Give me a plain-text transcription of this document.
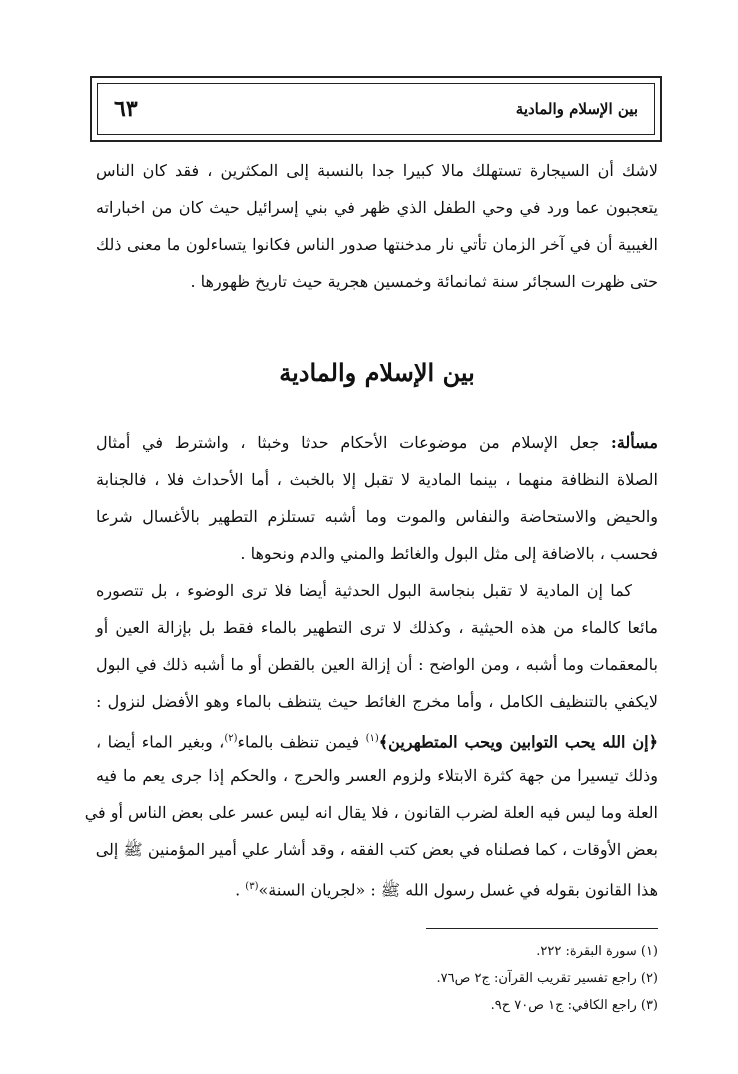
بين الإسلام والمادية
٦٣
لاشك أن السيجارة تستهلك مالا كبيرا جدا بالنسبة إلى المكثرين ، فقد كان الناس
يتعجبون عما ورد في وحي الطفل الذي ظهر في بني إسرائيل حيث كان من اخباراته
الغيبية أن في آخر الزمان تأتي نار مدخنتها صدور الناس فكانوا يتساءلون ما معنى ذلك
حتى ظهرت السجائر سنة ثمانمائة وخمسين هجرية حيث تاريخ ظهورها .
بين الإسلام والمادية
مسألة: جعل الإسلام من موضوعات الأحكام حدثا وخبثا ، واشترط في أمثال
الصلاة النظافة منهما ، بينما المادية لا تقبل إلا بالخبث ، أما الأحداث فلا ، فالجنابة
والحيض والاستحاضة والنفاس والموت وما أشبه تستلزم التطهير بالأغسال شرعا
فحسب ، بالاضافة إلى مثل البول والغائط والمني والدم ونحوها .
كما إن المادية لا تقبل بنجاسة البول الحدثية أيضا فلا ترى الوضوء ، بل تتصوره
مائعا كالماء من هذه الحيثية ، وكذلك لا ترى التطهير بالماء فقط بل بإزالة العين أو
بالمعقمات وما أشبه ، ومن الواضح : أن إزالة العين بالقطن أو ما أشبه ذلك في البول
لايكفي بالتنظيف الكامل ، وأما مخرج الغائط حيث يتنظف بالماء وهو الأفضل لنزول :
﴿إن الله يحب التوابين ويحب المتطهرين﴾$^{(١)}$ فيمن تنظف بالماء$^{(٢)}$، وبغير الماء أيضا ،
وذلك تيسيرا من جهة كثرة الابتلاء ولزوم العسر والحرج ، والحكم إذا جرى يعم ما فيه
العلة وما ليس فيه العلة لضرب القانون ، فلا يقال انه ليس عسر على بعض الناس أو في
بعض الأوقات ، كما فصلناه في بعض كتب الفقه ، وقد أشار علي أمير المؤمنين ﷺ إلى
هذا القانون بقوله في غسل رسول الله ﷺ : «لجريان السنة»$^{(٣)}$ .
(١) سورة البقرة: ٢٢٢.
(٢) راجع تفسير تقريب القرآن: ج٢ ص٧٦.
(٣) راجع الكافي: ج١ ص٧٠ ح٩.
